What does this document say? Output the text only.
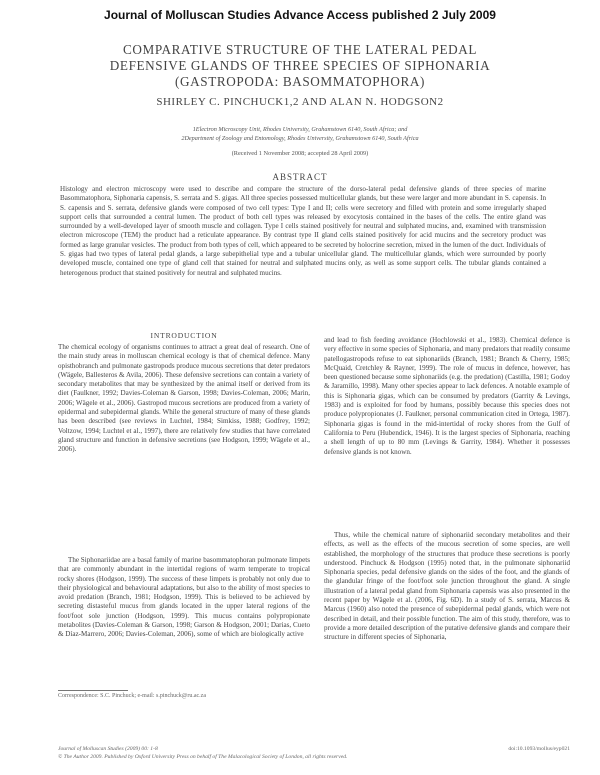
Journal of Molluscan Studies Advance Access published 2 July 2009
COMPARATIVE STRUCTURE OF THE LATERAL PEDAL
DEFENSIVE GLANDS OF THREE SPECIES OF SIPHONARIA
(GASTROPODA: BASOMMATOPHORA)
SHIRLEY C. PINCHUCK1,2 AND ALAN N. HODGSON2
1Electron Microscopy Unit, Rhodes University, Grahamstown 6140, South Africa; and
2Department of Zoology and Entomology, Rhodes University, Grahamstown 6140, South Africa
(Received 1 November 2008; accepted 28 April 2009)
ABSTRACT

Histology and electron microscopy were used to describe and compare the structure of the dorso-lateral pedal defensive glands of three species of marine Basommatophora, Siphonaria capensis, S. serrata and S. gigas. All three species possessed multicellular glands, but these were larger and more abundant in S. capensis. In S. capensis and S. serrata, defensive glands were composed of two cell types: Type I and II; cells were secretory and filled with protein and some irregularly shaped support cells that surrounded a central lumen. The product of both cell types was released by exocytosis contained in the bases of the cells. The entire gland was surrounded by a well-developed layer of smooth muscle and collagen. Type I cells stained positively for neutral and sulphated mucins, and, examined with transmission electron microscope (TEM) the product had a reticulate appearance. By contrast type II gland cells stained positively for acid mucins and the secretory product was formed as large granular vesicles. The product from both types of cell, which appeared to be secreted by holocrine secretion, mixed in the lumen of the duct. Individuals of S. gigas had two types of lateral pedal glands, a large subepithelial type and a tubular unicellular gland. The multicellular glands, which were surrounded by poorly developed muscle, contained one type of gland cell that stained for neutral and sulphated mucins only, as well as some support cells. The tubular glands contained a heterogenous product that stained positively for neutral and sulphated mucins.

INTRODUCTION

The chemical ecology of organisms continues to attract a great deal of research. One of the main study areas in molluscan chemical ecology is that of chemical defence. Many opisthobranch and pulmonate gastropods produce mucous secretions that deter predators (Wägele, Ballesteros & Avila, 2006). These defensive secretions can contain a variety of secondary metabolites that may be synthesized by the animal itself or derived from its diet (Faulkner, 1992; Davies-Coleman & Garson, 1998; Davies-Coleman, 2006; Marin, 2006; Wägele et al., 2006). Gastropod mucous secretions are produced from a variety of epidermal and subepidermal glands. While the general structure of many of these glands has been described (see reviews in Luchtel, 1984; Simkiss, 1988; Godfrey, 1992; Voltzow, 1994; Luchtel et al., 1997), there are relatively few studies that have correlated gland structure and function in defensive secretions (see Hodgson, 1999; Wägele et al., 2006).

The Siphonariidae are a basal family of marine basommatophoran pulmonate limpets that are commonly abundant in the intertidal regions of warm temperate to tropical rocky shores (Hodgson, 1999). The success of these limpets is probably not only due to their physiological and behavioural adaptations, but also to the ability of most species to avoid predation (Branch, 1981; Hodgson, 1999). This is believed to be achieved by secreting distasteful mucus from glands located in the upper lateral regions of the foot/foot sole junction (Hodgson, 1999). This mucus contains polypropionate metabolites (Davies-Coleman & Garson, 1998; Garson & Hodgson, 2001; Darias, Cueto & Díaz-Marrero, 2006; Davies-Coleman, 2006), some of which are biologically active

and lead to fish feeding avoidance (Hochlowski et al., 1983). Chemical defence is very effective in some species of Siphonaria, and many predators that readily consume patellogastropods refuse to eat siphonariids (Branch, 1981; Branch & Cherry, 1985; McQuaid, Cretchley & Rayner, 1999). The role of mucus in defence, however, has been questioned because some siphonariids (e.g. the predation) (Castilla, 1981; Godoy & Jaramillo, 1998). Many other species appear to lack defences. A notable example of this is Siphonaria gigas, which can be consumed by predators (Garrity & Levings, 1983) and is exploited for food by humans, possibly because this species does not produce polypropionates (J. Faulkner, personal communication cited in Ortega, 1987). Siphonaria gigas is found in the mid-intertidal of rocky shores from the Gulf of California to Peru (Hubendick, 1946). It is the largest species of Siphonaria, reaching a shell length of up to 80 mm (Levings & Garrity, 1984). Whether it possesses defensive glands is not known.

Thus, while the chemical nature of siphonariid secondary metabolites and their effects, as well as the effects of the mucous secretion of some species, are well established, the morphology of the structures that produce these secretions is poorly understood. Pinchuck & Hodgson (1995) noted that, in the pulmonate siphonariid Siphonaria species, pedal defensive glands on the sides of the foot, and the glands of the glandular fringe of the foot/foot sole junction throughout the gland. A single illustration of a lateral pedal gland from Siphonaria capensis was also presented in the recent paper by Wägele et al. (2006, Fig. 6D). In a study of S. serrata, Marcus & Marcus (1960) also noted the presence of subepidermal pedal glands, which were not described in detail, and their possible function. The aim of this study, therefore, was to provide a more detailed description of the putative defensive glands and compare their structure in different species of Siphonaria,

Correspondence: S.C. Pinchuck; e-mail: s.pinchuck@ru.ac.za
Journal of Molluscan Studies (2009) 00: 1-8
© The Author 2009. Published by Oxford University Press on behalf of The Malacological Society of London, all rights reserved.
doi:10.1093/mollus/eyp021
